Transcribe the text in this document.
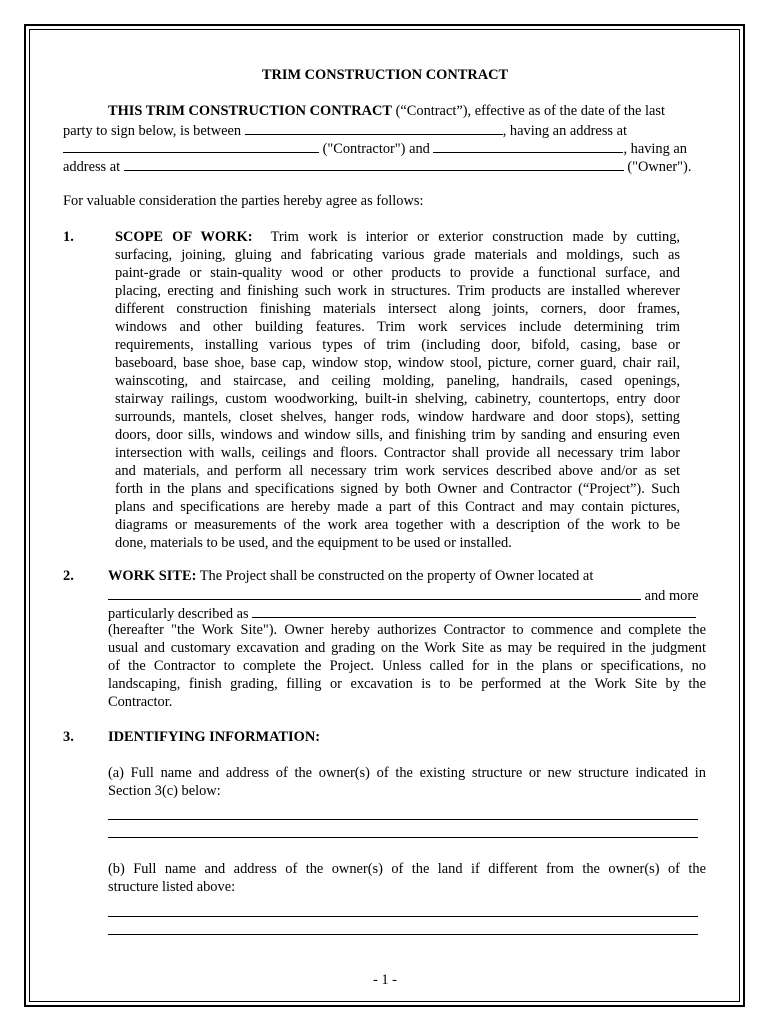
TRIM CONSTRUCTION CONTRACT
THIS TRIM CONSTRUCTION CONTRACT (“Contract”), effective as of the date of the last
party to sign below, is between	, having an address at
("Contractor") and	, having an
address at	("Owner").
For valuable consideration the parties hereby agree as follows:
1.	SCOPE OF WORK: Trim work is interior or exterior construction made by cutting,
surfacing, joining, gluing and fabricating various grade materials and moldings, such as
paint-grade or stain-quality wood or other products to provide a functional surface, and
placing, erecting and finishing such work in structures. Trim products are installed wherever
different construction finishing materials intersect along joints, corners, door frames,
windows and other building features. Trim work services include determining trim
requirements, installing various types of trim (including door, bifold, casing, base or
baseboard, base shoe, base cap, window stop, window stool, picture, corner guard, chair rail,
wainscoting, and staircase, and ceiling molding, paneling, handrails, cased openings,
stairway railings, custom woodworking, built-in shelving, cabinetry, countertops, entry door
surrounds, mantels, closet shelves, hanger rods, window hardware and door stops), setting
doors, door sills, windows and window sills, and finishing trim by sanding and ensuring even
intersection with walls, ceilings and floors. Contractor shall provide all necessary trim labor
and materials, and perform all necessary trim work services described above and/or as set
forth in the plans and specifications signed by both Owner and Contractor (“Project”). Such
plans and specifications are hereby made a part of this Contract and may contain pictures,
diagrams or measurements of the work area together with a description of the work to be
done, materials to be used, and the equipment to be used or installed.
2. WORK SITE: The Project shall be constructed on the property of Owner located at
and more
particularly described as
(hereafter "the Work Site"). Owner hereby authorizes Contractor to commence and complete the
usual and customary excavation and grading on the Work Site as may be required in the judgment
of the Contractor to complete the Project. Unless called for in the plans or specifications, no
landscaping, finish grading, filling or excavation is to be performed at the Work Site by the
Contractor.
3. IDENTIFYING INFORMATION:
(a) Full name and address of the owner(s) of the existing structure or new structure indicated in
Section 3(c) below:
(b) Full name and address of the owner(s) of the land if different from the owner(s) of the
structure listed above:
- 1 -
